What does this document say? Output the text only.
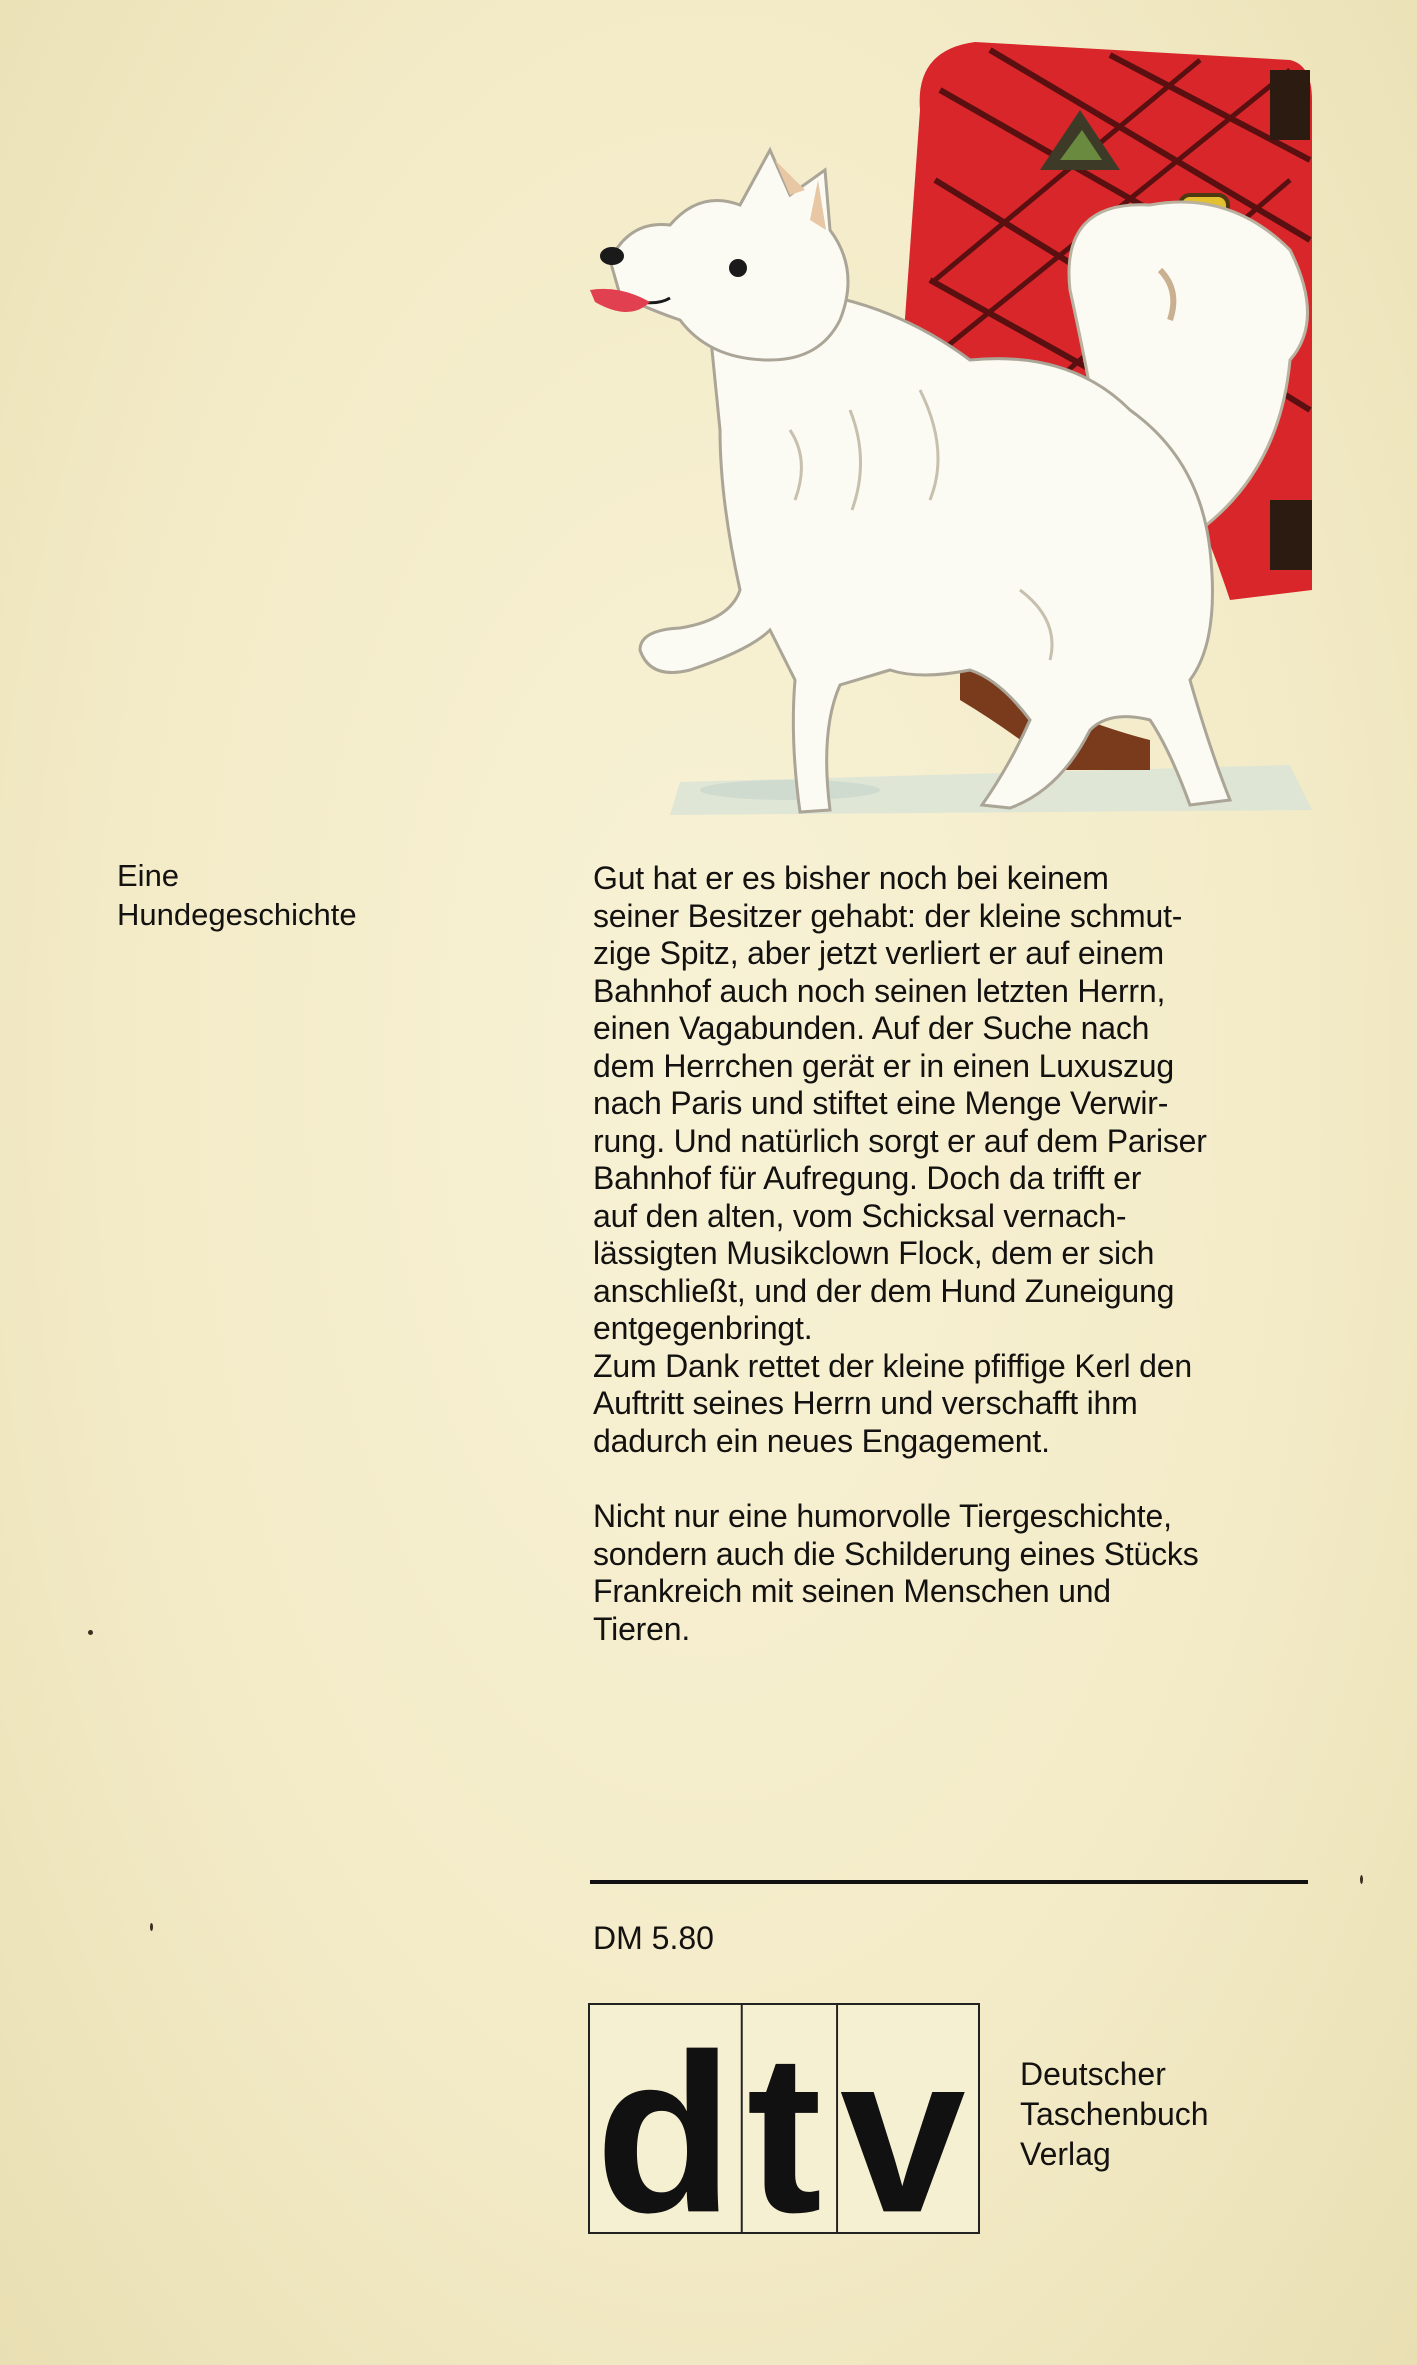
Eine
Hundegeschichte
Gut hat er es bisher noch bei keinem
seiner Besitzer gehabt: der kleine schmut-
zige Spitz, aber jetzt verliert er auf einem
Bahnhof auch noch seinen letzten Herrn,
einen Vagabunden. Auf der Suche nach
dem Herrchen gerät er in einen Luxuszug
nach Paris und stiftet eine Menge Verwir-
rung. Und natürlich sorgt er auf dem Pariser
Bahnhof für Aufregung. Doch da trifft er
auf den alten, vom Schicksal vernach-
lässigten Musikclown Flock, dem er sich
anschließt, und der dem Hund Zuneigung
entgegenbringt.
Zum Dank rettet der kleine pfiffige Kerl den
Auftritt seines Herrn und verschafft ihm
dadurch ein neues Engagement.
Nicht nur eine humorvolle Tiergeschichte,
sondern auch die Schilderung eines Stücks
Frankreich mit seinen Menschen und
Tieren.
DM 5.80
d t v Deutscher
Taschenbuch
Verlag
